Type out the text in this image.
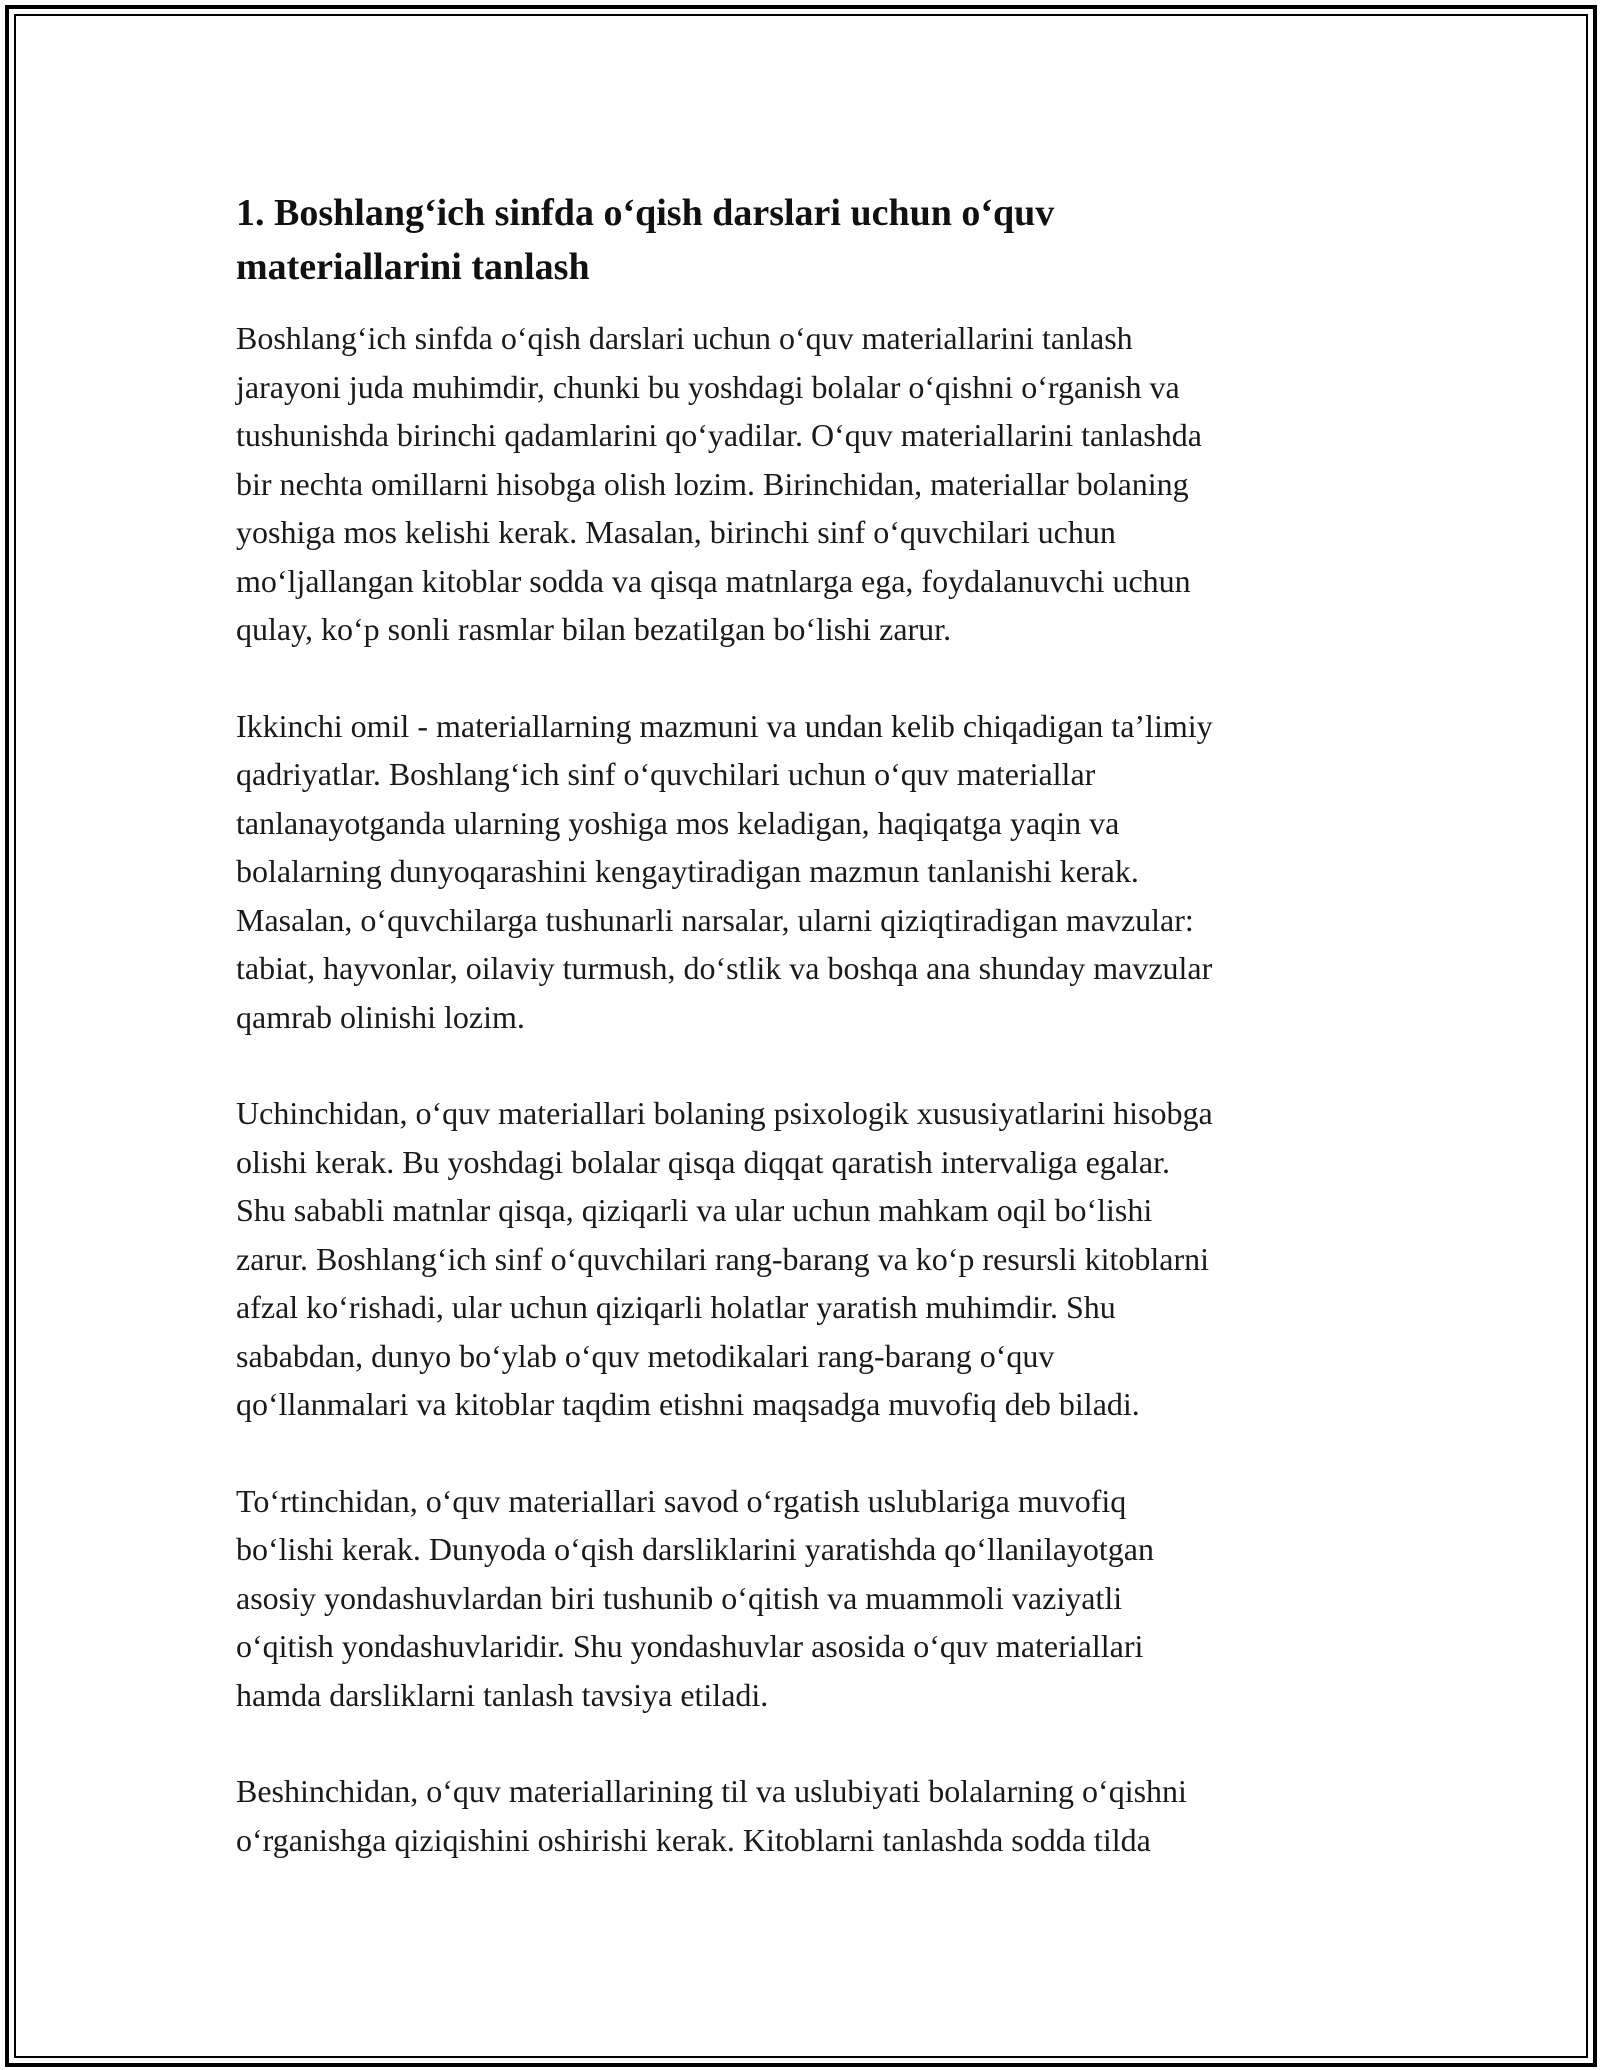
1. Boshlang‘ich sinfda o‘qish darslari uchun o‘quv
materiallarini tanlash

Boshlang‘ich sinfda o‘qish darslari uchun o‘quv materiallarini tanlash
jarayoni juda muhimdir, chunki bu yoshdagi bolalar o‘qishni o‘rganish va
tushunishda birinchi qadamlarini qo‘yadilar. O‘quv materiallarini tanlashda
bir nechta omillarni hisobga olish lozim. Birinchidan, materiallar bolaning
yoshiga mos kelishi kerak. Masalan, birinchi sinf o‘quvchilari uchun
mo‘ljallangan kitoblar sodda va qisqa matnlarga ega, foydalanuvchi uchun
qulay, ko‘p sonli rasmlar bilan bezatilgan bo‘lishi zarur.

Ikkinchi omil - materiallarning mazmuni va undan kelib chiqadigan ta’limiy
qadriyatlar. Boshlang‘ich sinf o‘quvchilari uchun o‘quv materiallar
tanlanayotganda ularning yoshiga mos keladigan, haqiqatga yaqin va
bolalarning dunyoqarashini kengaytiradigan mazmun tanlanishi kerak.
Masalan, o‘quvchilarga tushunarli narsalar, ularni qiziqtiradigan mavzular:
tabiat, hayvonlar, oilaviy turmush, do‘stlik va boshqa ana shunday mavzular
qamrab olinishi lozim.

Uchinchidan, o‘quv materiallari bolaning psixologik xususiyatlarini hisobga
olishi kerak. Bu yoshdagi bolalar qisqa diqqat qaratish intervaliga egalar.
Shu sababli matnlar qisqa, qiziqarli va ular uchun mahkam oqil bo‘lishi
zarur. Boshlang‘ich sinf o‘quvchilari rang-barang va ko‘p resursli kitoblarni
afzal ko‘rishadi, ular uchun qiziqarli holatlar yaratish muhimdir. Shu
sababdan, dunyo bo‘ylab o‘quv metodikalari rang-barang o‘quv
qo‘llanmalari va kitoblar taqdim etishni maqsadga muvofiq deb biladi.

To‘rtinchidan, o‘quv materiallari savod o‘rgatish uslublariga muvofiq
bo‘lishi kerak. Dunyoda o‘qish darsliklarini yaratishda qo‘llanilayotgan
asosiy yondashuvlardan biri tushunib o‘qitish va muammoli vaziyatli
o‘qitish yondashuvlaridir. Shu yondashuvlar asosida o‘quv materiallari
hamda darsliklarni tanlash tavsiya etiladi.

Beshinchidan, o‘quv materiallarining til va uslubiyati bolalarning o‘qishni
o‘rganishga qiziqishini oshirishi kerak. Kitoblarni tanlashda sodda tilda
